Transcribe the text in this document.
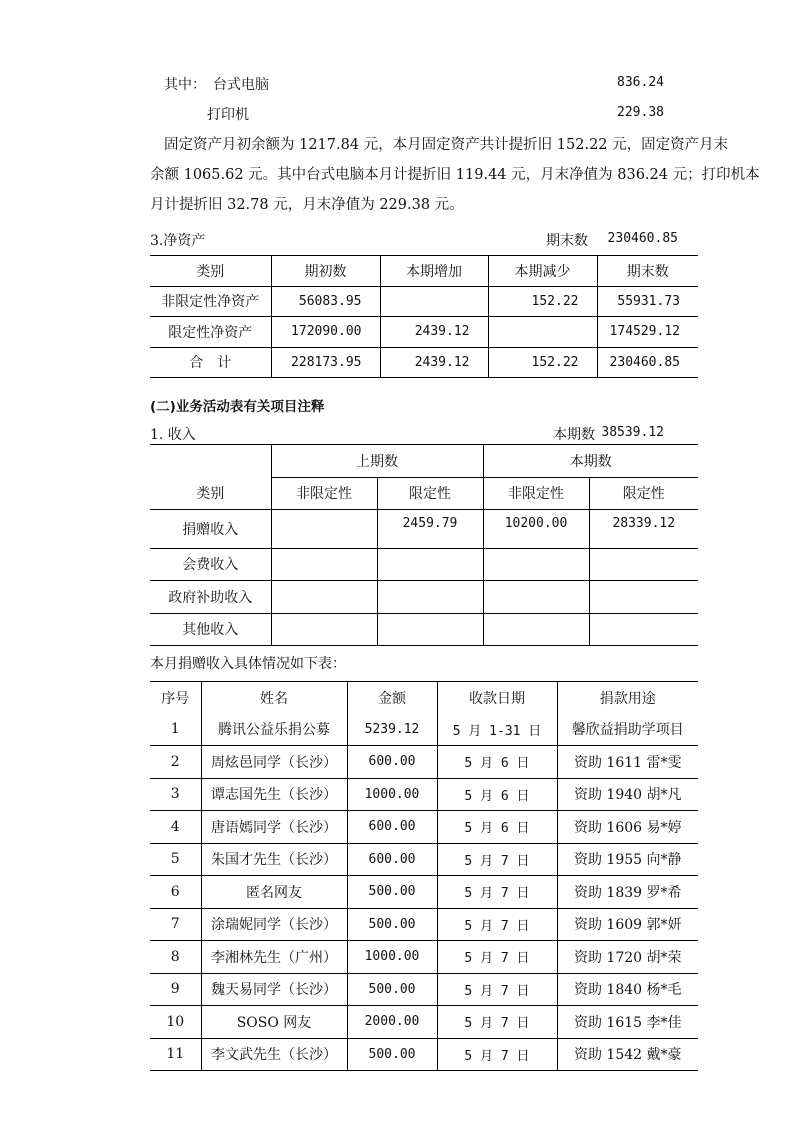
其中： 台式电脑	836.24
打印机	229.38
固定资产月初余额为 1217.84 元，本月固定资产共计提折旧 152.22 元，固定资产月末
余额 1065.62 元。其中台式电脑本月计提折旧 119.44 元，月末净值为 836.24 元；打印机本
月计提折旧 32.78 元，月末净值为 229.38 元。
3.净资产	期末数 230460.85
类别	期初数	本期增加	本期减少	期末数
非限定性净资产	56083.95		152.22	55931.73
限定性净资产	172090.00	2439.12		174529.12
合　计	228173.95	2439.12	152.22	230460.85
(二)业务活动表有关项目注释
1. 收入	本期数 38539.12
	上期数		本期数	
类别	非限定性	限定性	非限定性	限定性
捐赠收入		2459.79	10200.00	28339.12
会费收入				
政府补助收入				
其他收入				
本月捐赠收入具体情况如下表：
序号	姓名	金额	收款日期	捐款用途
1	腾讯公益乐捐公募	5239.12	5 月 1-31 日	馨欣益捐助学项目
2	周炫邑同学（长沙）	600.00	5 月 6 日	资助 1611 雷*雯
3	谭志国先生（长沙）	1000.00	5 月 6 日	资助 1940 胡*凡
4	唐语嫣同学（长沙）	600.00	5 月 6 日	资助 1606 易*婷
5	朱国才先生（长沙）	600.00	5 月 7 日	资助 1955 向*静
6	匿名网友	500.00	5 月 7 日	资助 1839 罗*希
7	涂瑞妮同学（长沙）	500.00	5 月 7 日	资助 1609 郭*妍
8	李湘林先生（广州）	1000.00	5 月 7 日	资助 1720 胡*荣
9	魏天易同学（长沙）	500.00	5 月 7 日	资助 1840 杨*毛
10	SOSO 网友	2000.00	5 月 7 日	资助 1615 李*佳
11	李文武先生（长沙）	500.00	5 月 7 日	资助 1542 戴*豪
